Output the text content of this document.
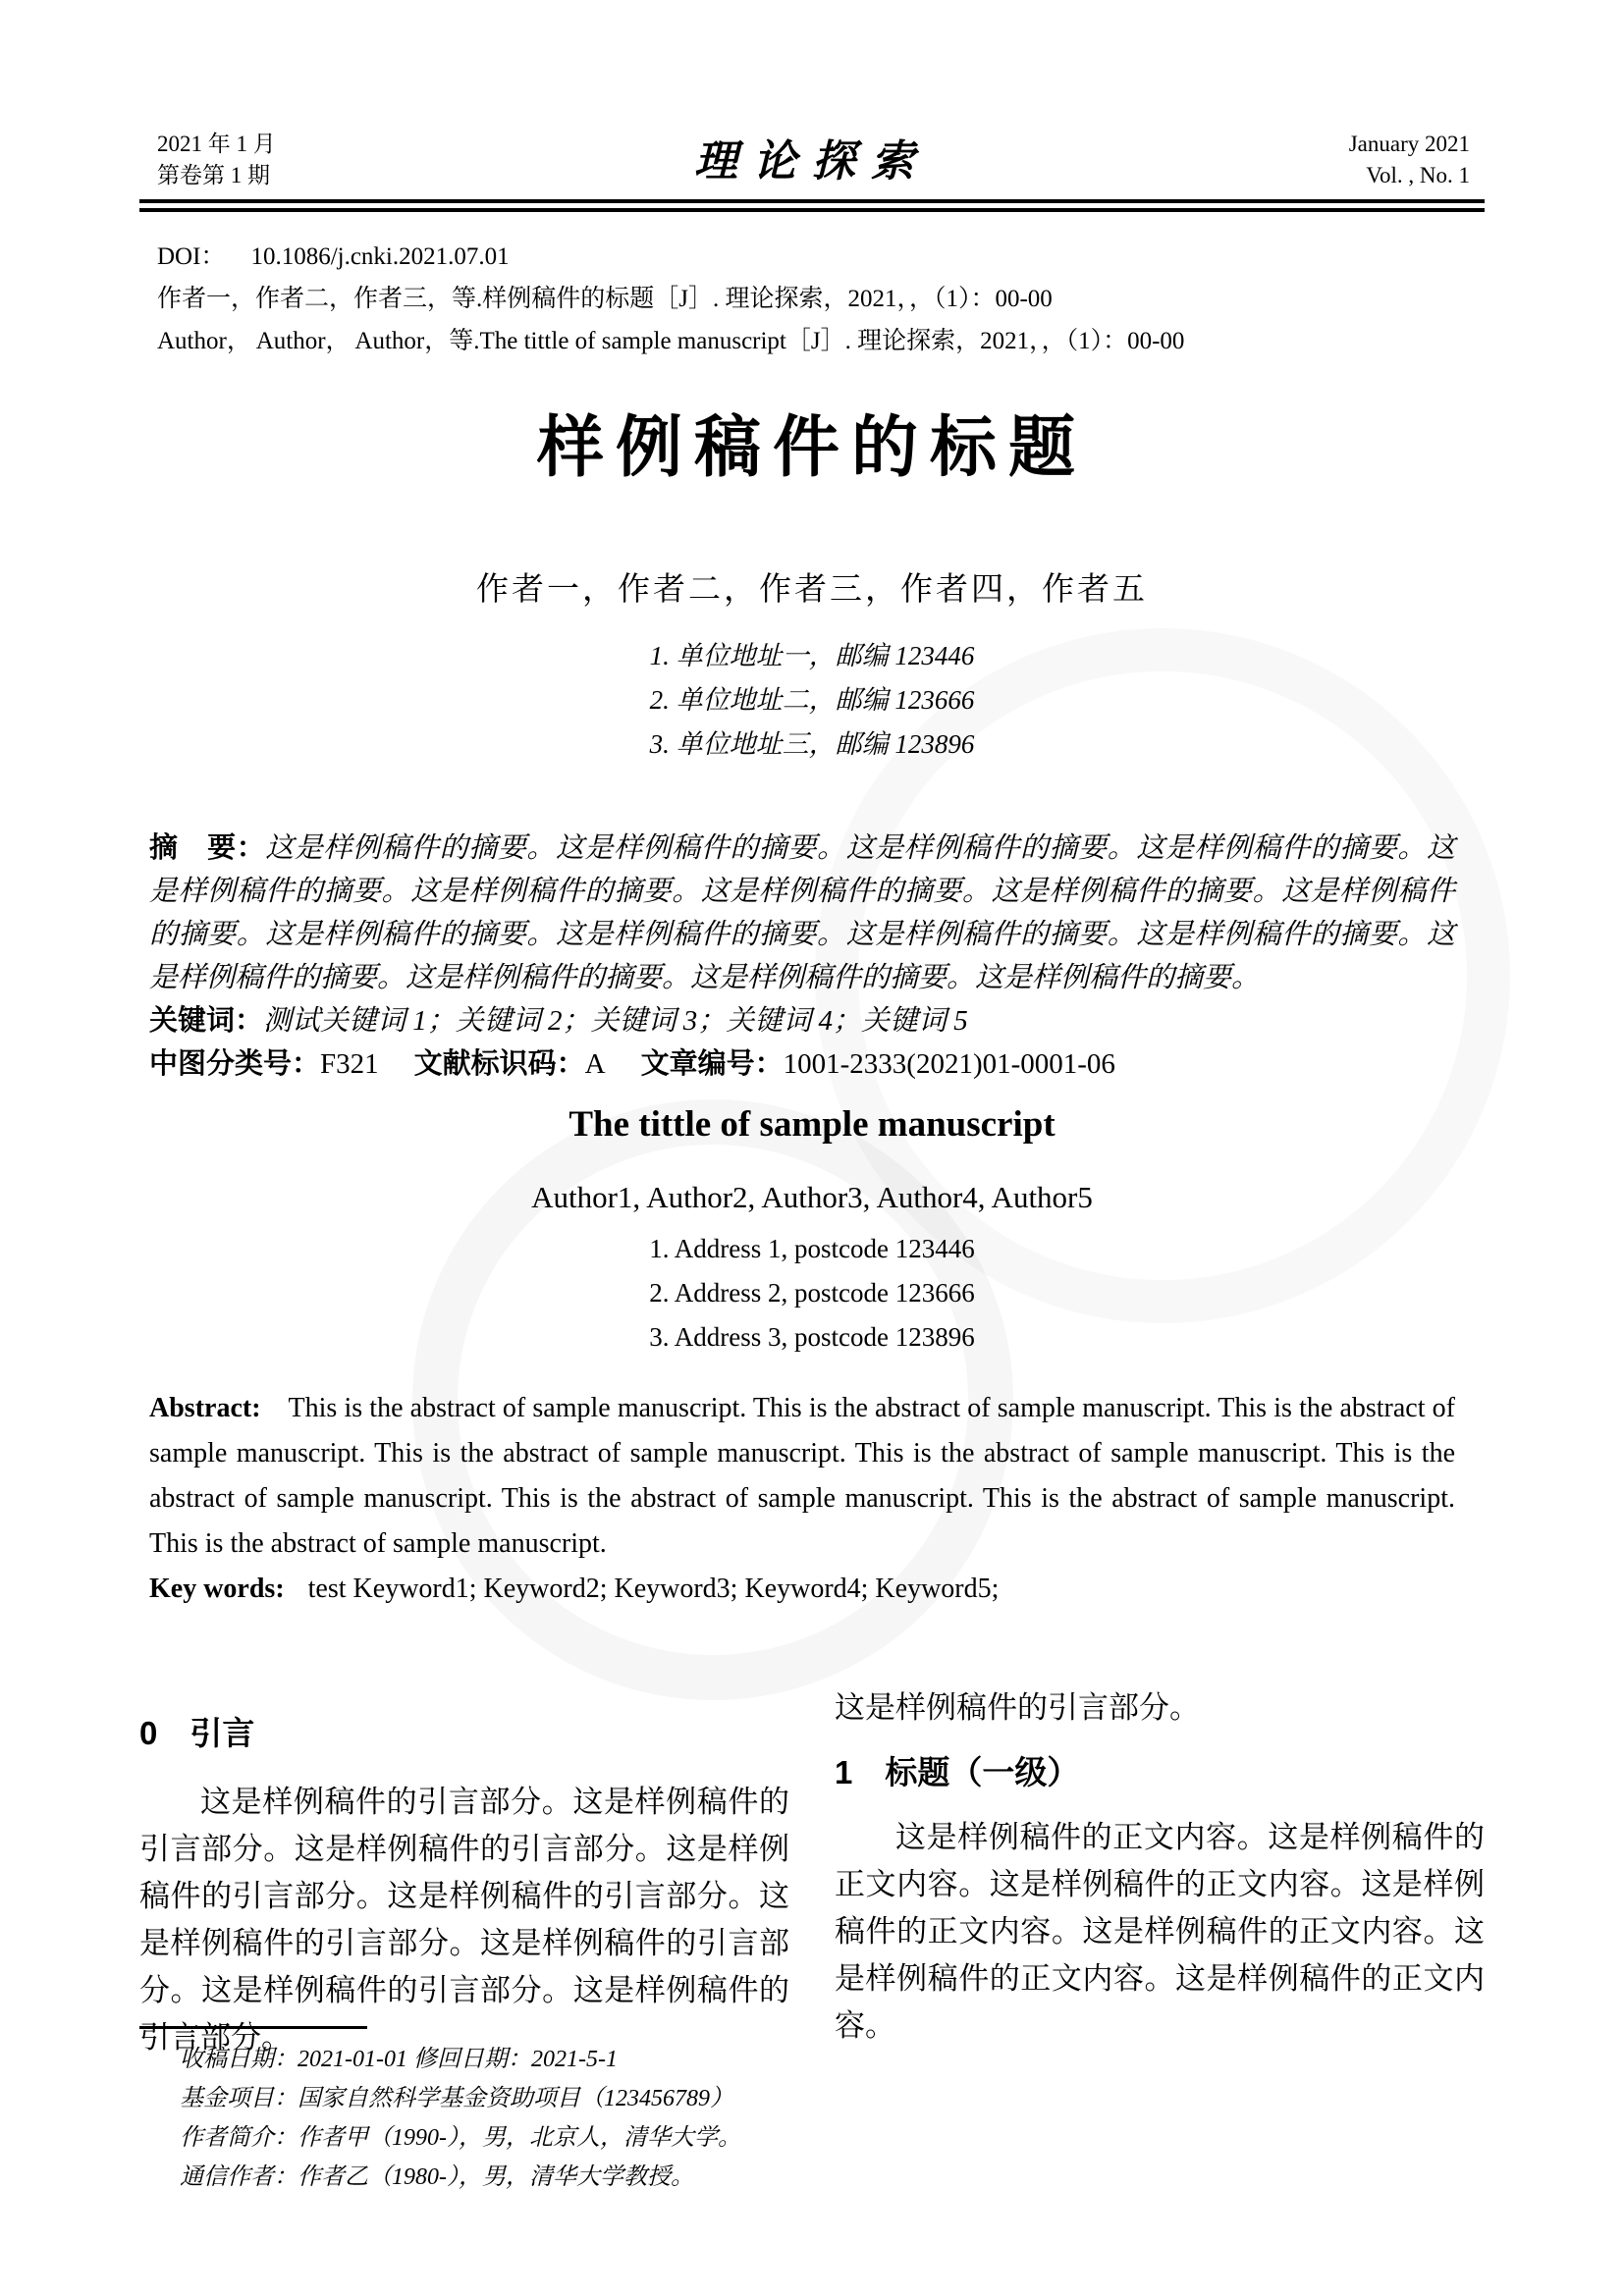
2021 年 1 月
第卷第 1 期	理论探索	January 2021
Vol. , No. 1
DOI： 10.1086/j.cnki.2021.07.01
作者一，作者二，作者三，等.样例稿件的标题［J］. 理论探索，2021，，（1）：00-00
Author， Author， Author，等.The tittle of sample manuscript［J］. 理论探索，2021，，（1）：00-00
样例稿件的标题
作者一，作者二，作者三，作者四，作者五
1. 单位地址一，邮编 123446
2. 单位地址二，邮编 123666
3. 单位地址三，邮编 123896
摘　要：这是样例稿件的摘要。这是样例稿件的摘要。这是样例稿件的摘要。这是样例稿件的摘要。这是样例稿件的摘要。这是样例稿件的摘要。这是样例稿件的摘要。这是样例稿件的摘要。这是样例稿件的摘要。这是样例稿件的摘要。这是样例稿件的摘要。这是样例稿件的摘要。这是样例稿件的摘要。这是样例稿件的摘要。这是样例稿件的摘要。这是样例稿件的摘要。这是样例稿件的摘要。
关键词：测试关键词 1；关键词 2；关键词 3；关键词 4；关键词 5
中图分类号：F321 文献标识码：A 文章编号：1001-2333(2021)01-0001-06
The tittle of sample manuscript
Author1, Author2, Author3, Author4, Author5
1. Address 1, postcode 123446
2. Address 2, postcode 123666
3. Address 3, postcode 123896
Abstract: This is the abstract of sample manuscript. This is the abstract of sample manuscript. This is the abstract of sample manuscript. This is the abstract of sample manuscript. This is the abstract of sample manuscript. This is the abstract of sample manuscript. This is the abstract of sample manuscript. This is the abstract of sample manuscript. This is the abstract of sample manuscript.
Key words: test Keyword1; Keyword2; Keyword3; Keyword4; Keyword5;
0　引言

这是样例稿件的引言部分。这是样例稿件的引言部分。这是样例稿件的引言部分。这是样例稿件的引言部分。这是样例稿件的引言部分。这是样例稿件的引言部分。这是样例稿件的引言部分。这是样例稿件的引言部分。这是样例稿件的引言部分。

这是样例稿件的引言部分。

1　标题（一级）

这是样例稿件的正文内容。这是样例稿件的正文内容。这是样例稿件的正文内容。这是样例稿件的正文内容。这是样例稿件的正文内容。这是样例稿件的正文内容。这是样例稿件的正文内容。

收稿日期：2021-01-01 修回日期：2021-5-1
基金项目：国家自然科学基金资助项目（123456789）
作者简介：作者甲（1990-），男，北京人，清华大学。
通信作者：作者乙（1980-），男，清华大学教授。
